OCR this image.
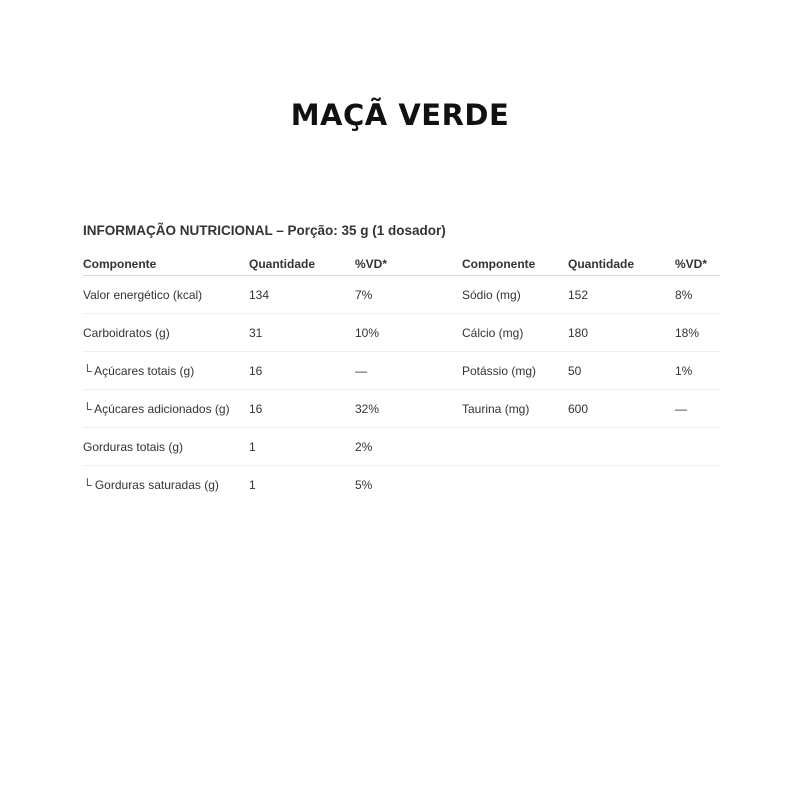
MAÇÃ VERDE
INFORMAÇÃO NUTRICIONAL – Porção: 35 g (1 dosador)
Componente	Quantidade	%VD*	Componente	Quantidade	%VD*
Valor energético (kcal)	134	7%	Sódio (mg)	152	8%
Carboidratos (g)	31	10%	Cálcio (mg)	180	18%
└ Açúcares totais (g)	16	—	Potássio (mg)	50	1%
└ Açúcares adicionados (g)	16	32%	Taurina (mg)	600	—
Gorduras totais (g)	1	2%			
└ Gorduras saturadas (g)	1	5%			
